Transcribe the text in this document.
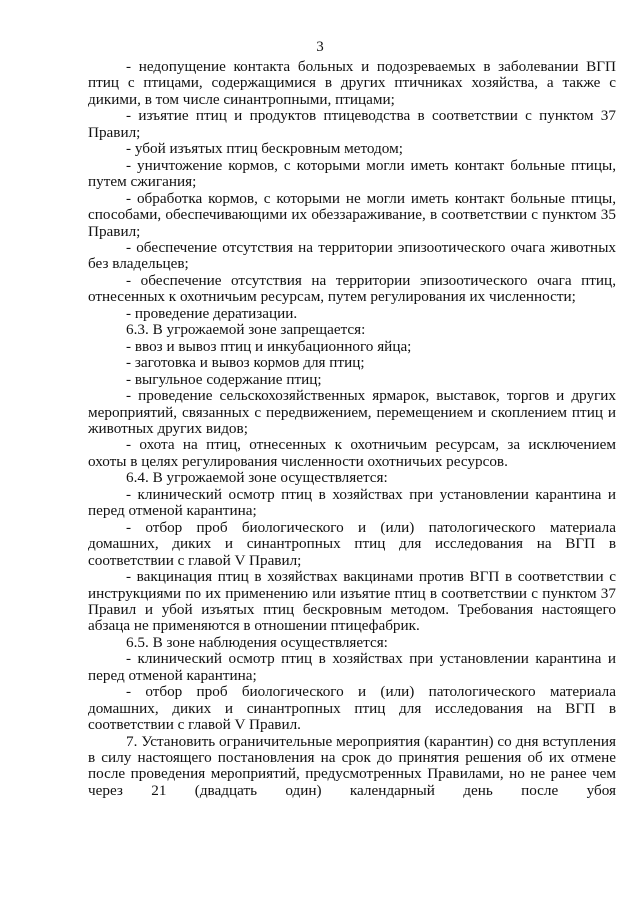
3

- недопущение контакта больных и подозреваемых в заболевании ВГП птиц с птицами, содержащимися в других птичниках хозяйства, а также с дикими, в том числе синантропными, птицами;

- изъятие птиц и продуктов птицеводства в соответствии с пунктом 37 Правил;

- убой изъятых птиц бескровным методом;

- уничтожение кормов, с которыми могли иметь контакт больные птицы, путем сжигания;

- обработка кормов, с которыми не могли иметь контакт больные птицы, способами, обеспечивающими их обеззараживание, в соответствии с пунктом 35 Правил;

- обеспечение отсутствия на территории эпизоотического очага животных без владельцев;

- обеспечение отсутствия на территории эпизоотического очага птиц, отнесенных к охотничьим ресурсам, путем регулирования их численности;

- проведение дератизации.

6.3. В угрожаемой зоне запрещается:

- ввоз и вывоз птиц и инкубационного яйца;

- заготовка и вывоз кормов для птиц;

- выгульное содержание птиц;

- проведение сельскохозяйственных ярмарок, выставок, торгов и других мероприятий, связанных с передвижением, перемещением и скоплением птиц и животных других видов;

- охота на птиц, отнесенных к охотничьим ресурсам, за исключением охоты в целях регулирования численности охотничьих ресурсов.

6.4. В угрожаемой зоне осуществляется:

- клинический осмотр птиц в хозяйствах при установлении карантина и перед отменой карантина;

- отбор проб биологического и (или) патологического материала домашних, диких и синантропных птиц для исследования на ВГП в соответствии с главой V Правил;

- вакцинация птиц в хозяйствах вакцинами против ВГП в соответствии с инструкциями по их применению или изъятие птиц в соответствии с пунктом 37 Правил и убой изъятых птиц бескровным методом. Требования настоящего абзаца не применяются в отношении птицефабрик.

6.5. В зоне наблюдения осуществляется:

- клинический осмотр птиц в хозяйствах при установлении карантина и перед отменой карантина;

- отбор проб биологического и (или) патологического материала домашних, диких и синантропных птиц для исследования на ВГП в соответствии с главой V Правил.

7. Установить ограничительные мероприятия (карантин) со дня вступления в силу настоящего постановления на срок до принятия решения об их отмене после проведения мероприятий, предусмотренных Правилами, но не ранее чем через 21 (двадцать один) календарный день после убоя
